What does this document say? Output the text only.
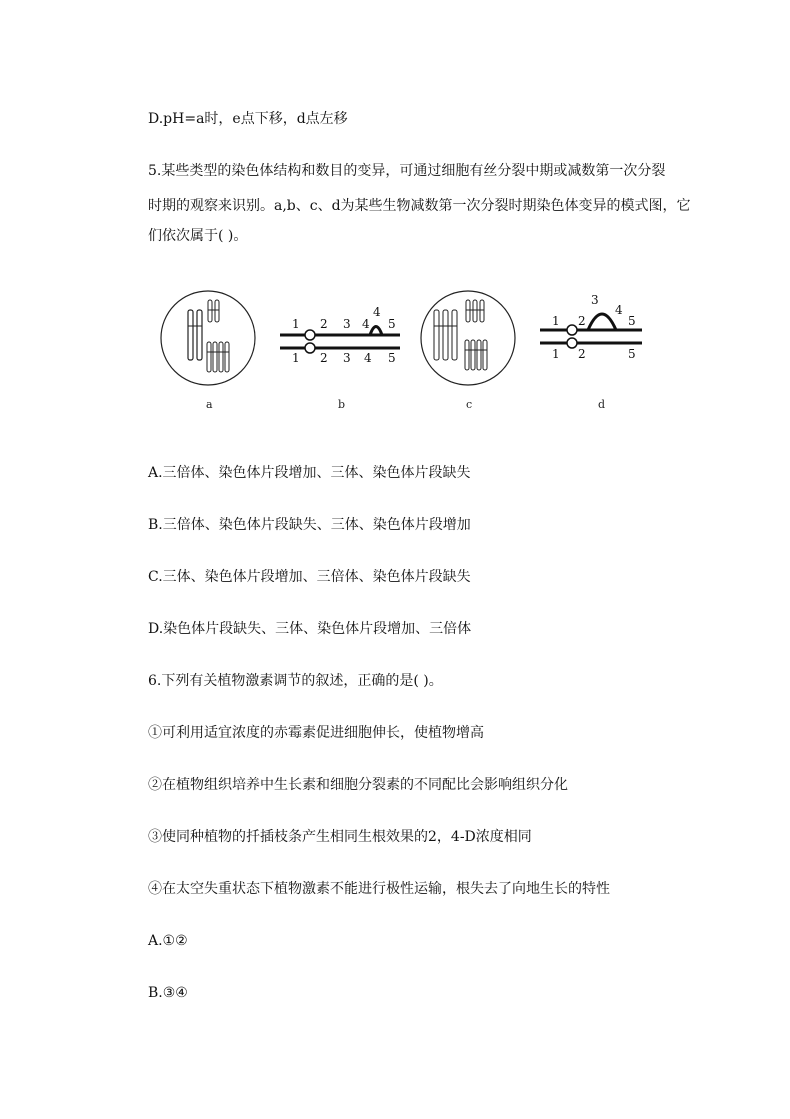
D.pH=a时，e点下移，d点左移
5.某些类型的染色体结构和数目的变异，可通过细胞有丝分裂中期或减数第一次分裂
时期的观察来识别。a,b、c、d为某些生物减数第一次分裂时期染色体变异的模式图，它
们依次属于( )。
a
1 2 3 4
4
5
1 2 3 4 5
b	c
1 2
3
4
5
1 2	5
d
A.三倍体、染色体片段增加、三体、染色体片段缺失
B.三倍体、染色体片段缺失、三体、染色体片段增加
C.三体、染色体片段增加、三倍体、染色体片段缺失
D.染色体片段缺失、三体、染色体片段增加、三倍体
6.下列有关植物激素调节的叙述，正确的是( )。
①可利用适宜浓度的赤霉素促进细胞伸长，使植物增高
②在植物组织培养中生长素和细胞分裂素的不同配比会影响组织分化
③使同种植物的扦插枝条产生相同生根效果的2，4-D浓度相同
④在太空失重状态下植物激素不能进行极性运输，根失去了向地生长的特性
A.①②
B.③④
